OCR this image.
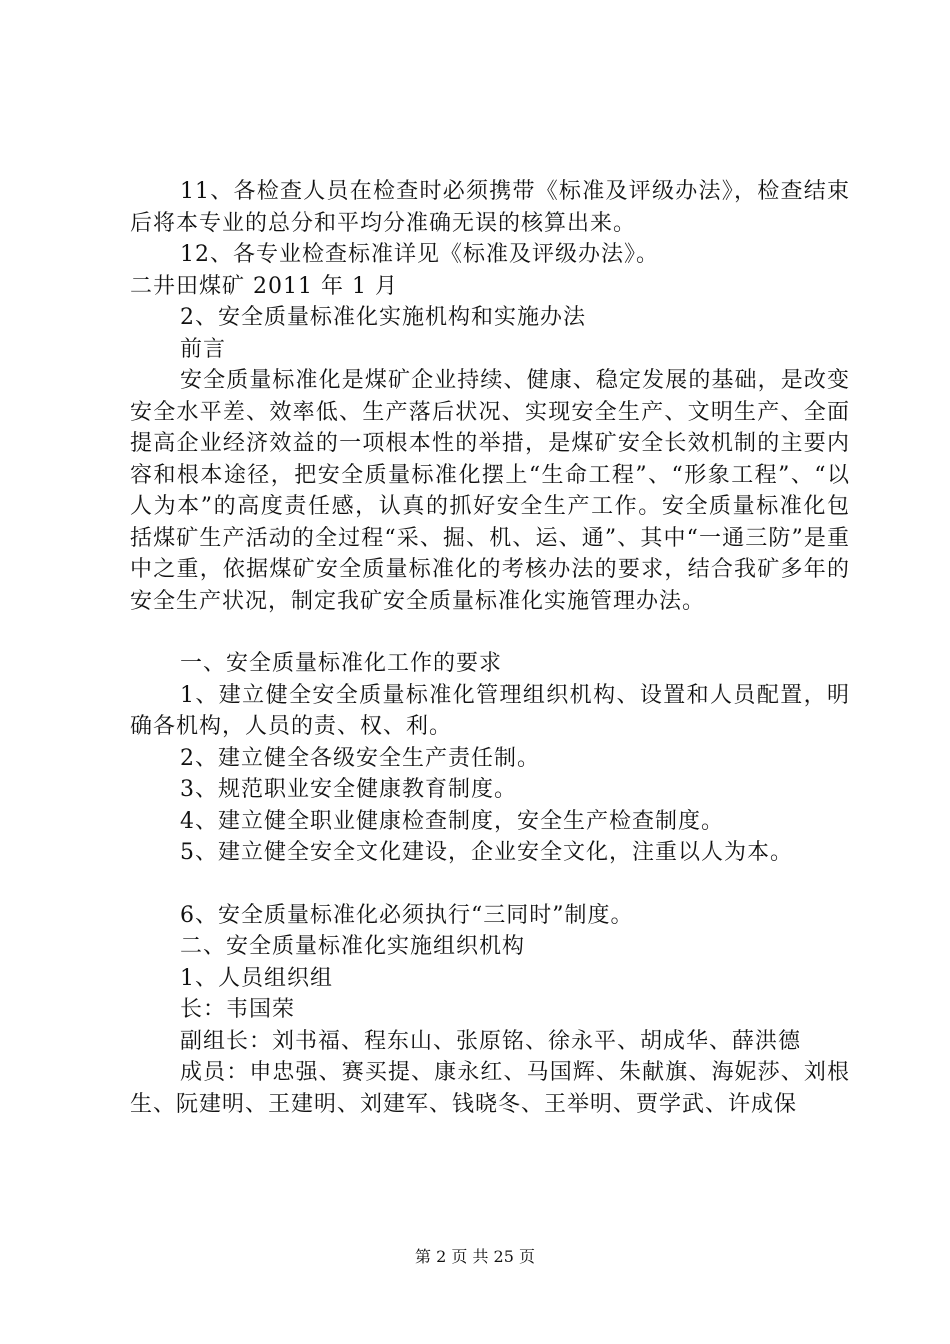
11、各检查人员在检查时必须携带《标准及评级办法》，检查结束后将本专业的总分和平均分准确无误的核算出来。

12、各专业检查标准详见《标准及评级办法》。

二井田煤矿 2011 年 1 月

2、安全质量标准化实施机构和实施办法

前言

安全质量标准化是煤矿企业持续、健康、稳定发展的基础，是改变安全水平差、效率低、生产落后状况、实现安全生产、文明生产、全面提高企业经济效益的一项根本性的举措，是煤矿安全长效机制的主要内容和根本途径，把安全质量标准化摆上“生命工程”、“形象工程”、“以人为本”的高度责任感，认真的抓好安全生产工作。安全质量标准化包括煤矿生产活动的全过程“采、掘、机、运、通”、其中“一通三防”是重中之重，依据煤矿安全质量标准化的考核办法的要求，结合我矿多年的安全生产状况，制定我矿安全质量标准化实施管理办法。

一、安全质量标准化工作的要求

1、建立健全安全质量标准化管理组织机构、设置和人员配置，明确各机构，人员的责、权、利。

2、建立健全各级安全生产责任制。

3、规范职业安全健康教育制度。

4、建立健全职业健康检查制度，安全生产检查制度。

5、建立健全安全文化建设，企业安全文化，注重以人为本。

6、安全质量标准化必须执行“三同时”制度。

二、安全质量标准化实施组织机构

1、人员组织组

长：韦国荣

副组长：刘书福、程东山、张原铭、徐永平、胡成华、薛洪德

成员：申忠强、赛买提、康永红、马国辉、朱献旗、海妮莎、刘根生、阮建明、王建明、刘建军、钱晓冬、王举明、贾学武、许成保

第 2 页 共 25 页
